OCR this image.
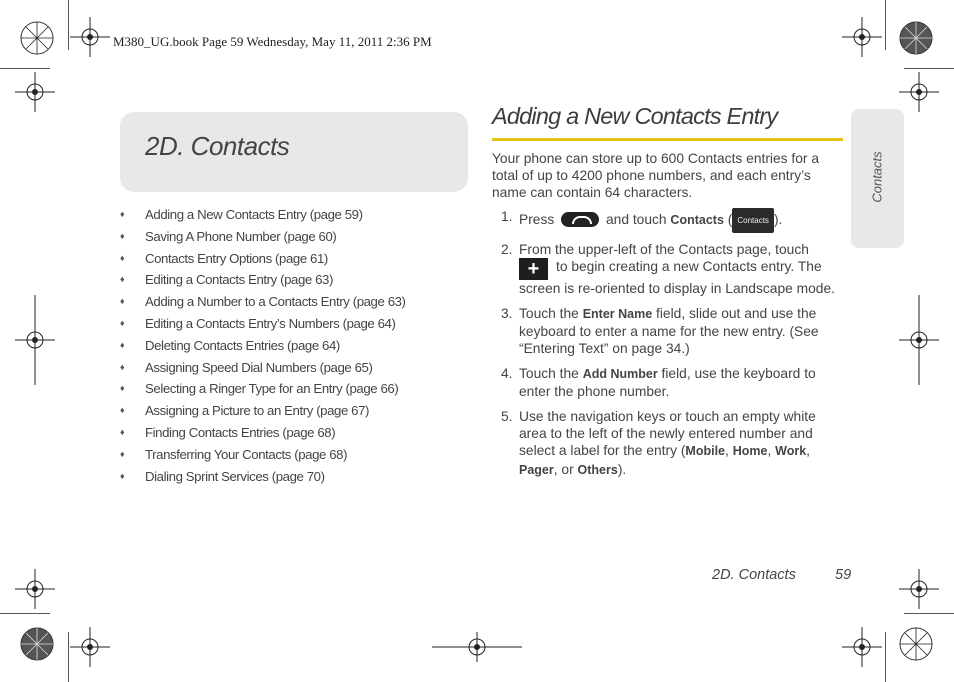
M380_UG.book Page 59 Wednesday, May 11, 2011 2:36 PM
2D. Contacts
♦ Adding a New Contacts Entry (page 59)
♦ Saving A Phone Number (page 60)
♦ Contacts Entry Options (page 61)
♦ Editing a Contacts Entry (page 63)
♦ Adding a Number to a Contacts Entry (page 63)
♦ Editing a Contacts Entry’s Numbers (page 64)
♦ Deleting Contacts Entries (page 64)
♦ Assigning Speed Dial Numbers (page 65)
♦ Selecting a Ringer Type for an Entry (page 66)
♦ Assigning a Picture to an Entry (page 67)
♦ Finding Contacts Entries (page 68)
♦ Transferring Your Contacts (page 68)
♦ Dialing Sprint Services (page 70)
Adding a New Contacts Entry
Your phone can store up to 600 Contacts entries for a total of up to 4200 phone numbers, and each entry’s name can contain 64 characters.
1. Press	and touch Contacts ( Contacts ).
2. From the upper-left of the Contacts page, touch
+ to begin creating a new Contacts entry. The screen is re-oriented to display in Landscape mode.
3. Touch the Enter Name field, slide out and use the keyboard to enter a name for the new entry. (See “Entering Text” on page 34.)
4. Touch the Add Number field, use the keyboard to enter the phone number.
5. Use the navigation keys or touch an empty white area to the left of the newly entered number and select a label for the entry (Mobile, Home, Work, Pager, or Others).
Contacts
2D. Contacts	59
